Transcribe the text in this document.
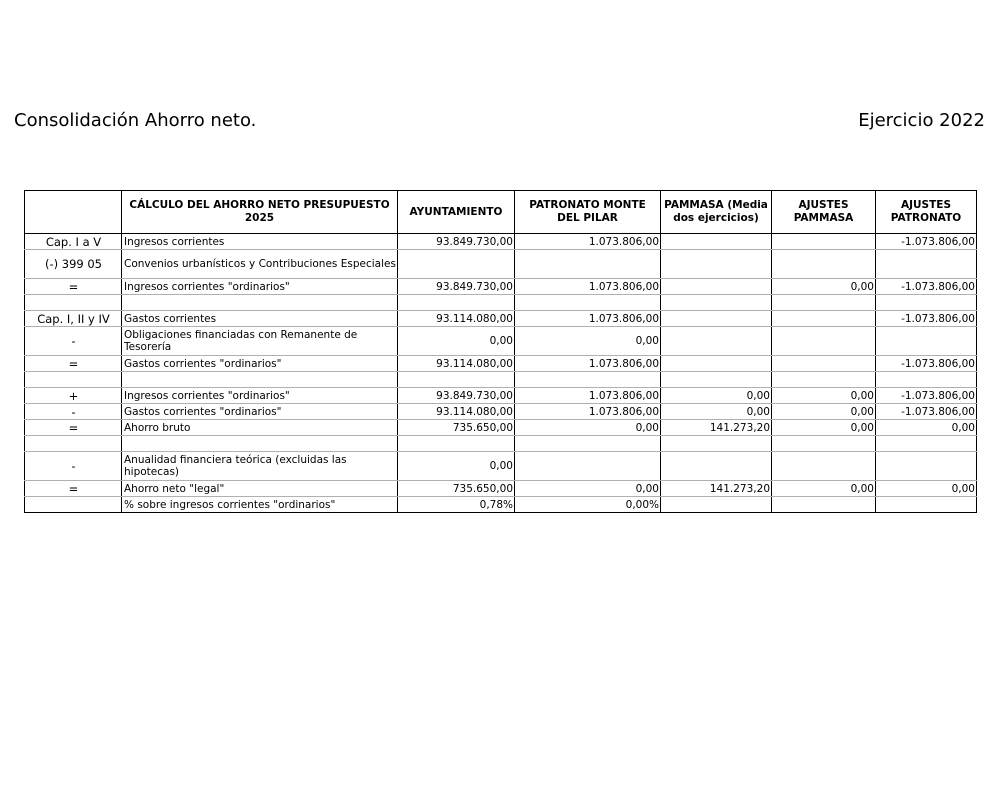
Consolidación Ahorro neto.	Ejercicio 2022
	CÁLCULO DEL AHORRO NETO PRESUPUESTO 2025	AYUNTAMIENTO	PATRONATO MONTE DEL PILAR	PAMMASA (Media dos ejercicios)	AJUSTES PAMMASA	AJUSTES PATRONATO
Cap. I a V	Ingresos corrientes	93.849.730,00	1.073.806,00			-1.073.806,00
(-) 399 05	Convenios urbanísticos y Contribuciones Especiales					
=	Ingresos corrientes "ordinarios"	93.849.730,00	1.073.806,00		0,00	-1.073.806,00

Cap. I, II y IV	Gastos corrientes	93.114.080,00	1.073.806,00			-1.073.806,00
-	Obligaciones financiadas con Remanente de Tesorería	0,00	0,00			
=	Gastos corrientes "ordinarios"	93.114.080,00	1.073.806,00			-1.073.806,00

+	Ingresos corrientes "ordinarios"	93.849.730,00	1.073.806,00	0,00	0,00	-1.073.806,00
-	Gastos corrientes "ordinarios"	93.114.080,00	1.073.806,00	0,00	0,00	-1.073.806,00
=	Ahorro bruto	735.650,00	0,00	141.273,20	0,00	0,00

-	Anualidad financiera teórica (excluidas las hipotecas)	0,00				
=	Ahorro neto "legal"	735.650,00	0,00	141.273,20	0,00	0,00
	% sobre ingresos corrientes "ordinarios"	0,78%	0,00%			
